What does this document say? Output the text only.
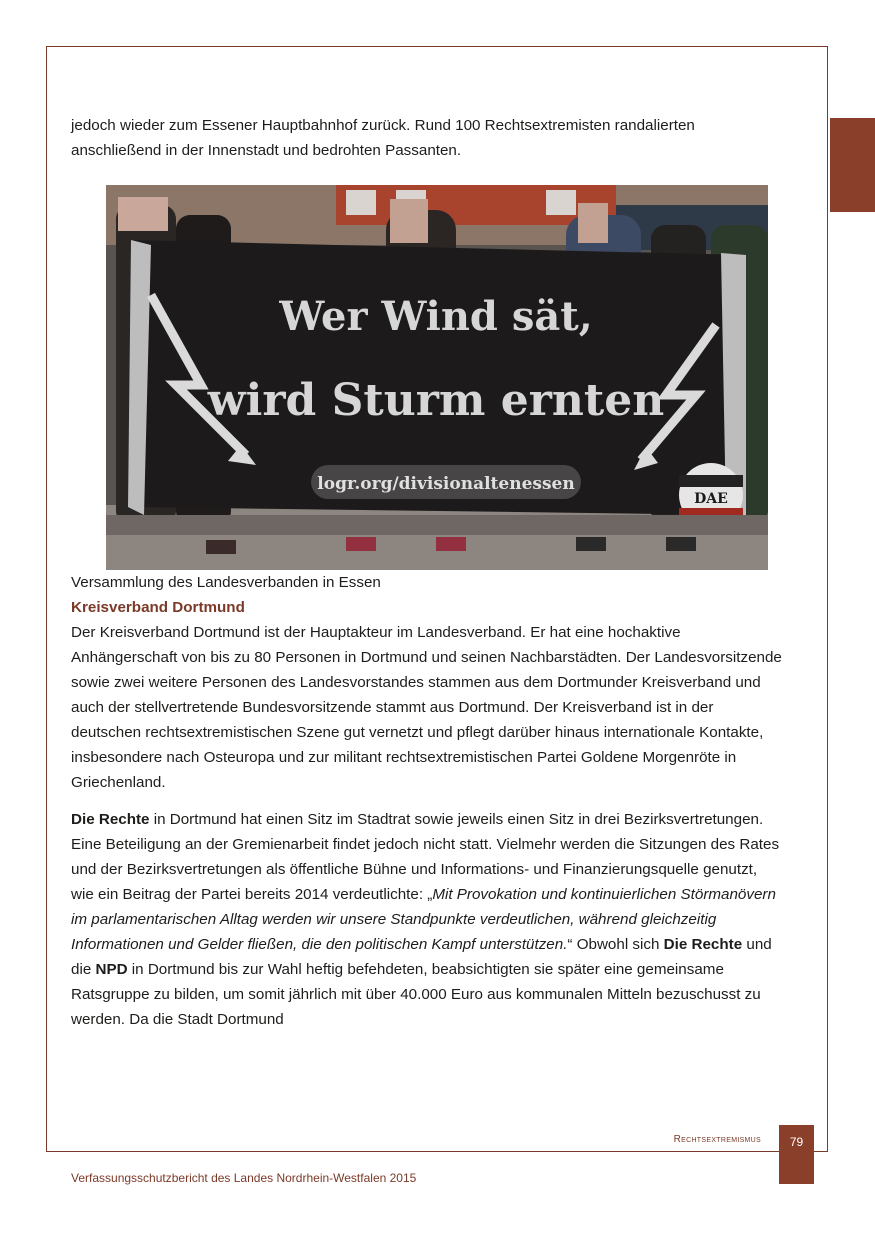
jedoch wieder zum Essener Hauptbahnhof zurück. Rund 100 Rechtsextremisten randalierten anschließend in der Innenstadt und bedrohten Passanten.

Wer Wind sät,
wird Sturm ernten
logr.org/divisionaltenessen
DAE

Versammlung des Landesverbanden in Essen

Kreisverband Dortmund

Der Kreisverband Dortmund ist der Hauptakteur im Landesverband. Er hat eine hochaktive Anhängerschaft von bis zu 80 Personen in Dortmund und seinen Nachbarstädten. Der Landesvorsitzende sowie zwei weitere Personen des Landesvorstandes stammen aus dem Dortmunder Kreisverband und auch der stellvertretende Bundesvorsitzende stammt aus Dortmund. Der Kreisverband ist in der deutschen rechtsextremistischen Szene gut vernetzt und pflegt darüber hinaus internationale Kontakte, insbesondere nach Osteuropa und zur militant rechtsextremistischen Partei Goldene Morgenröte in Griechenland.

Die Rechte in Dortmund hat einen Sitz im Stadtrat sowie jeweils einen Sitz in drei Bezirksvertretungen. Eine Beteiligung an der Gremienarbeit findet jedoch nicht statt. Vielmehr werden die Sitzungen des Rates und der Bezirksvertretungen als öffentliche Bühne und Informations- und Finanzierungsquelle genutzt, wie ein Beitrag der Partei bereits 2014 verdeutlichte: „Mit Provokation und kontinuierlichen Störmanövern im parlamentarischen Alltag werden wir unsere Standpunkte verdeutlichen, während gleichzeitig Informationen und Gelder fließen, die den politischen Kampf unterstützen.“ Obwohl sich Die Rechte und die NPD in Dortmund bis zur Wahl heftig befehdeten, beabsichtigten sie später eine gemeinsame Ratsgruppe zu bilden, um somit jährlich mit über 40.000 Euro aus kommunalen Mitteln bezuschusst zu werden. Da die Stadt Dortmund

Rechtsextremismus	79
Verfassungsschutzbericht des Landes Nordrhein-Westfalen 2015
